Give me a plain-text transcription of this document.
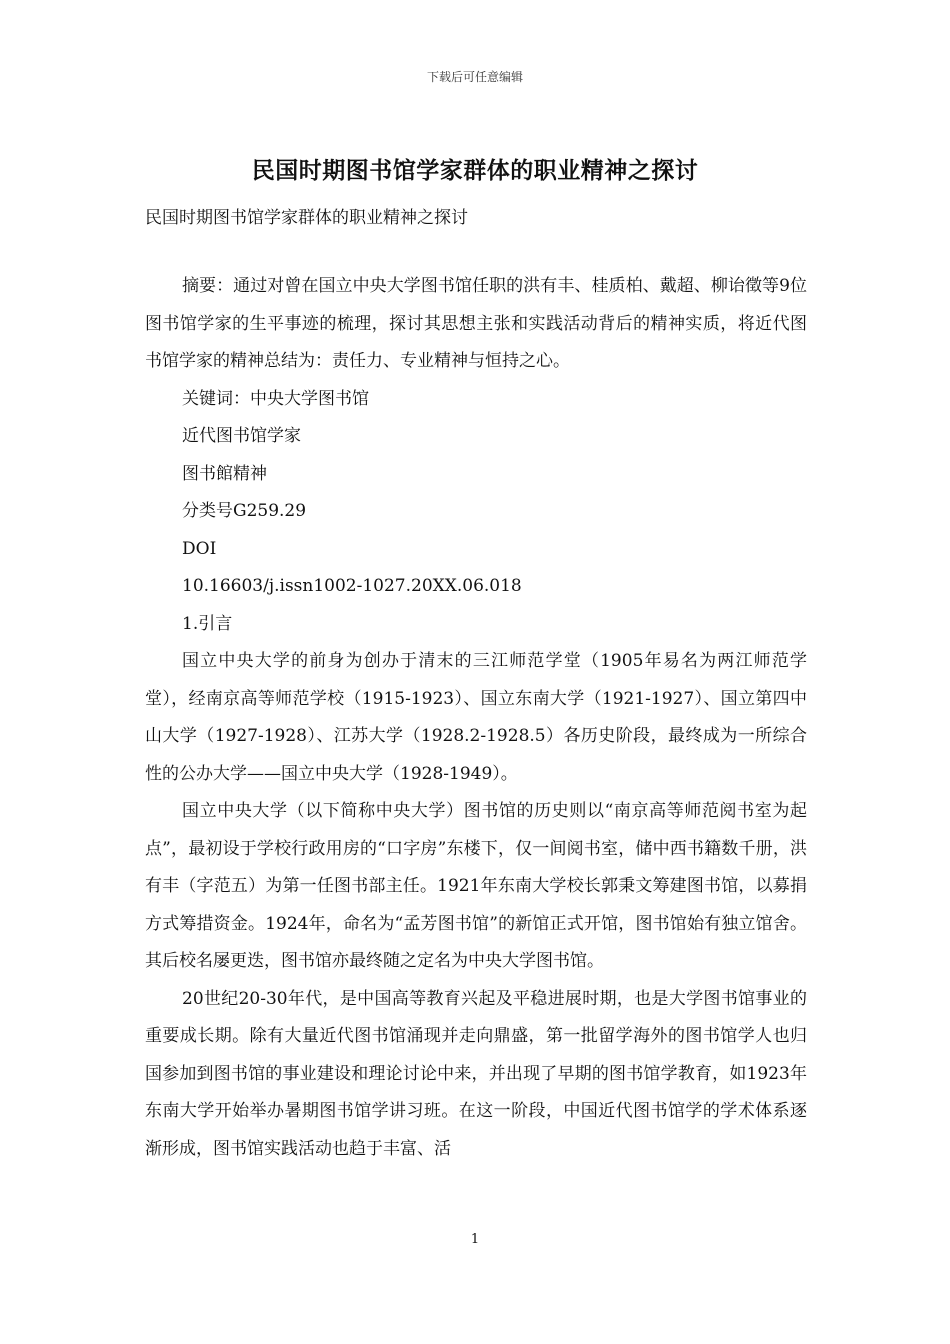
下载后可任意编辑
民国时期图书馆学家群体的职业精神之探讨
民国时期图书馆学家群体的职业精神之探讨

摘要：通过对曾在国立中央大学图书馆任职的洪有丰、桂质柏、戴超、柳诒徵等9位图书馆学家的生平事迹的梳理，探讨其思想主张和实践活动背后的精神实质，将近代图书馆学家的精神总结为：责任力、专业精神与恒持之心。

关键词：中央大学图书馆

近代图书馆学家

图书館精神

分类号G259.29

DOI

10.16603/j.issn1002-1027.20XX.06.018

1.引言

国立中央大学的前身为创办于清末的三江师范学堂（1905年易名为两江师范学堂），经南京高等师范学校（1915-1923）、国立东南大学（1921-1927）、国立第四中山大学（1927-1928）、江苏大学（1928.2-1928.5）各历史阶段，最终成为一所综合性的公办大学——国立中央大学（1928-1949）。

国立中央大学（以下简称中央大学）图书馆的历史则以“南京高等师范阅书室为起点”，最初设于学校行政用房的“口字房”东楼下，仅一间阅书室，储中西书籍数千册，洪有丰（字范五）为第一任图书部主任。1921年东南大学校长郭秉文筹建图书馆，以募捐方式筹措资金。1924年，命名为“孟芳图书馆”的新馆正式开馆，图书馆始有独立馆舍。其后校名屡更迭，图书馆亦最终随之定名为中央大学图书馆。

20世纪20-30年代，是中国高等教育兴起及平稳进展时期，也是大学图书馆事业的重要成长期。除有大量近代图书馆涌现并走向鼎盛，第一批留学海外的图书馆学人也归国参加到图书馆的事业建设和理论讨论中来，并出现了早期的图书馆学教育，如1923年东南大学开始举办暑期图书馆学讲习班。在这一阶段，中国近代图书馆学的学术体系逐渐形成，图书馆实践活动也趋于丰富、活

1
